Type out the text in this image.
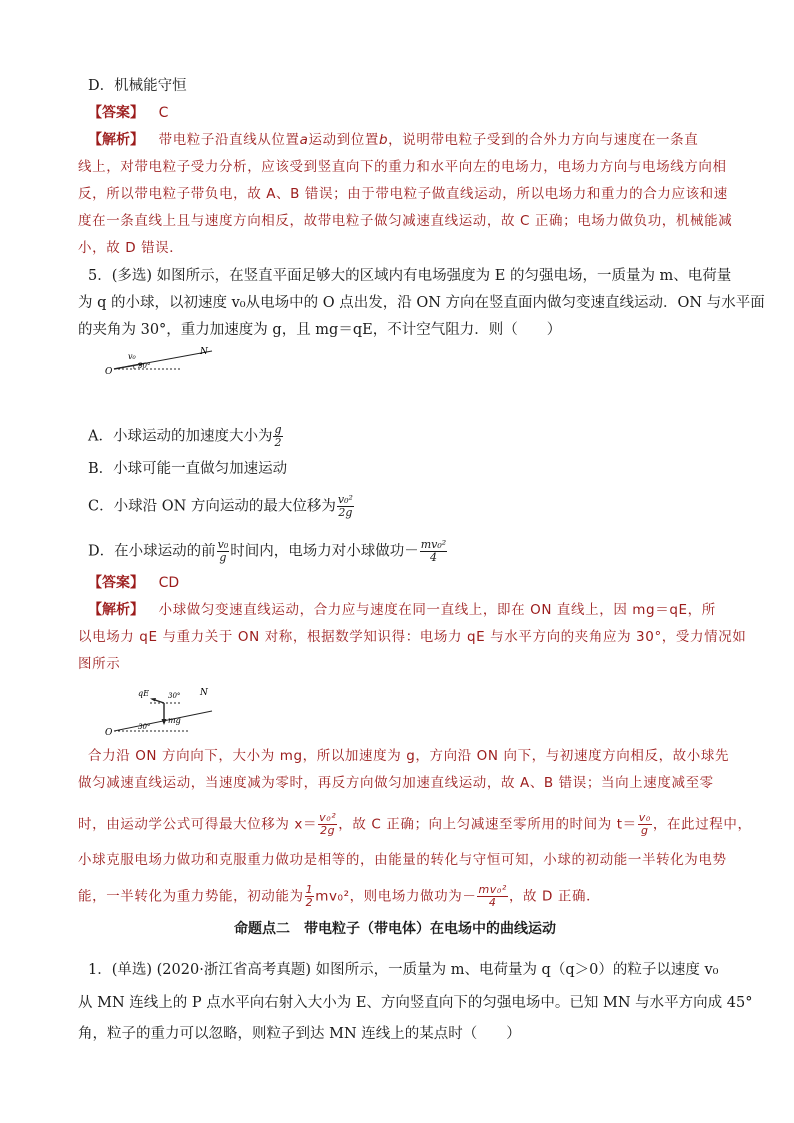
D．机械能守恒
【答案】 C
【解析】 带电粒子沿直线从位置a运动到位置b，说明带电粒子受到的合外力方向与速度在一条直
线上，对带电粒子受力分析，应该受到竖直向下的重力和水平向左的电场力，电场力方向与电场线方向相
反，所以带电粒子带负电，故 A、B 错误；由于带电粒子做直线运动，所以电场力和重力的合力应该和速
度在一条直线上且与速度方向相反，故带电粒子做匀减速直线运动，故 C 正确；电场力做负功，机械能减
小，故 D 错误．
5．(多选) 如图所示，在竖直平面足够大的区域内有电场强度为 E 的匀强电场，一质量为 m、电荷量
为 q 的小球，以初速度 v₀从电场中的 O 点出发，沿 ON 方向在竖直面内做匀变速直线运动．ON 与水平面
的夹角为 30°，重力加速度为 g，且 mg＝qE，不计空气阻力．则（　　）
N
O
v₀
30°
A．小球运动的加速度大小为 $\frac{g}{2}$
B．小球可能一直做匀加速运动
C．小球沿 ON 方向运动的最大位移为 $\frac{\text{v₀²}}{2g}$
D．在小球运动的前 $\frac{\text{v₀}}{g}$ 时间内，电场力对小球做功－ $\frac{\text{mv₀²}}{4}$
【答案】 CD
【解析】 小球做匀变速直线运动，合力应与速度在同一直线上，即在 ON 直线上，因 mg＝qE，所
以电场力 qE 与重力关于 ON 对称，根据数学知识得：电场力 qE 与水平方向的夹角应为 30°，受力情况如
图所示
N
O
qE
mg
30°
30°
合力沿 ON 方向向下，大小为 mg，所以加速度为 g，方向沿 ON 向下，与初速度方向相反，故小球先
做匀减速直线运动，当速度减为零时，再反方向做匀加速直线运动，故 A、B 错误；当向上速度减至零
时，由运动学公式可得最大位移为 $x= \frac{\text{v₀²}}{2g}$ ，故 C 正确；向上匀减速至零所用的时间为 $t= \frac{\text{v₀}}{g}$ ，在此过程中，
小球克服电场力做功和克服重力做功是相等的，由能量的转化与守恒可知，小球的初动能一半转化为电势
能，一半转化为重力势能，初动能为 $\frac{1}{2} mv_0^2$，则电场力做功为－ $\frac{\text{mv₀²}}{4}$ ，故 D 正确．
命题点二　带电粒子（带电体）在电场中的曲线运动
1．(单选) (2020·浙江省高考真题) 如图所示，一质量为 m、电荷量为 q（q＞0）的粒子以速度 v₀
从 MN 连线上的 P 点水平向右射入大小为 E、方向竖直向下的匀强电场中。已知 MN 与水平方向成 45°
角，粒子的重力可以忽略，则粒子到达 MN 连线上的某点时（　　）
